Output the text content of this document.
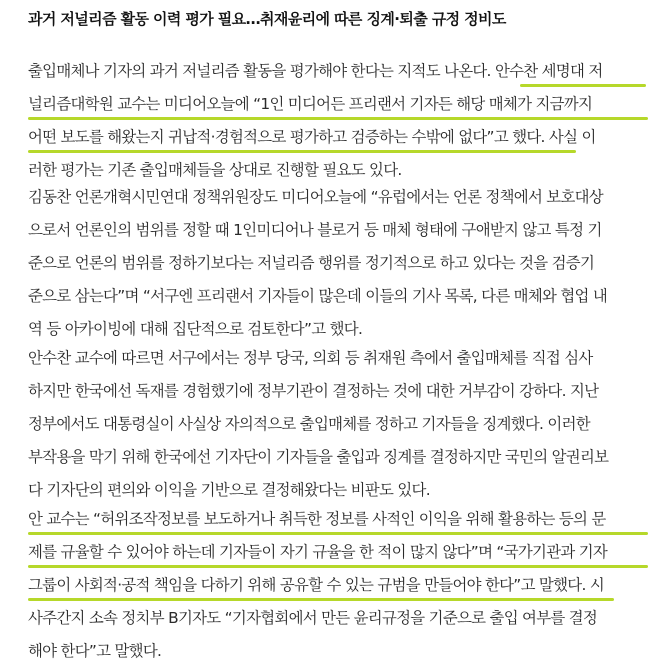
과거 저널리즘 활동 이력 평가 필요…취재윤리에 따른 징계·퇴출 규정 정비도
출입매체나 기자의 과거 저널리즘 활동을 평가해야 한다는 지적도 나온다. 안수찬 세명대 저
널리즘대학원 교수는 미디어오늘에 “1인 미디어든 프리랜서 기자든 해당 매체가 지금까지
어떤 보도를 해왔는지 귀납적·경험적으로 평가하고 검증하는 수밖에 없다”고 했다. 사실 이
러한 평가는 기존 출입매체들을 상대로 진행할 필요도 있다.
김동찬 언론개혁시민연대 정책위원장도 미디어오늘에 “유럽에서는 언론 정책에서 보호대상
으로서 언론인의 범위를 정할 때 1인미디어나 블로거 등 매체 형태에 구애받지 않고 특정 기
준으로 언론의 범위를 정하기보다는 저널리즘 행위를 정기적으로 하고 있다는 것을 검증기
준으로 삼는다”며 “서구엔 프리랜서 기자들이 많은데 이들의 기사 목록, 다른 매체와 협업 내
역 등 아카이빙에 대해 집단적으로 검토한다”고 했다.
안수찬 교수에 따르면 서구에서는 정부 당국, 의회 등 취재원 측에서 출입매체를 직접 심사
하지만 한국에선 독재를 경험했기에 정부기관이 결정하는 것에 대한 거부감이 강하다. 지난
정부에서도 대통령실이 사실상 자의적으로 출입매체를 정하고 기자들을 징계했다. 이러한
부작용을 막기 위해 한국에선 기자단이 기자들을 출입과 징계를 결정하지만 국민의 알권리보
다 기자단의 편의와 이익을 기반으로 결정해왔다는 비판도 있다.
안 교수는 “허위조작정보를 보도하거나 취득한 정보를 사적인 이익을 위해 활용하는 등의 문
제를 규율할 수 있어야 하는데 기자들이 자기 규율을 한 적이 많지 않다”며 “국가기관과 기자
그룹이 사회적·공적 책임을 다하기 위해 공유할 수 있는 규범을 만들어야 한다”고 말했다. 시
사주간지 소속 정치부 B기자도 “기자협회에서 만든 윤리규정을 기준으로 출입 여부를 결정
해야 한다”고 말했다.
